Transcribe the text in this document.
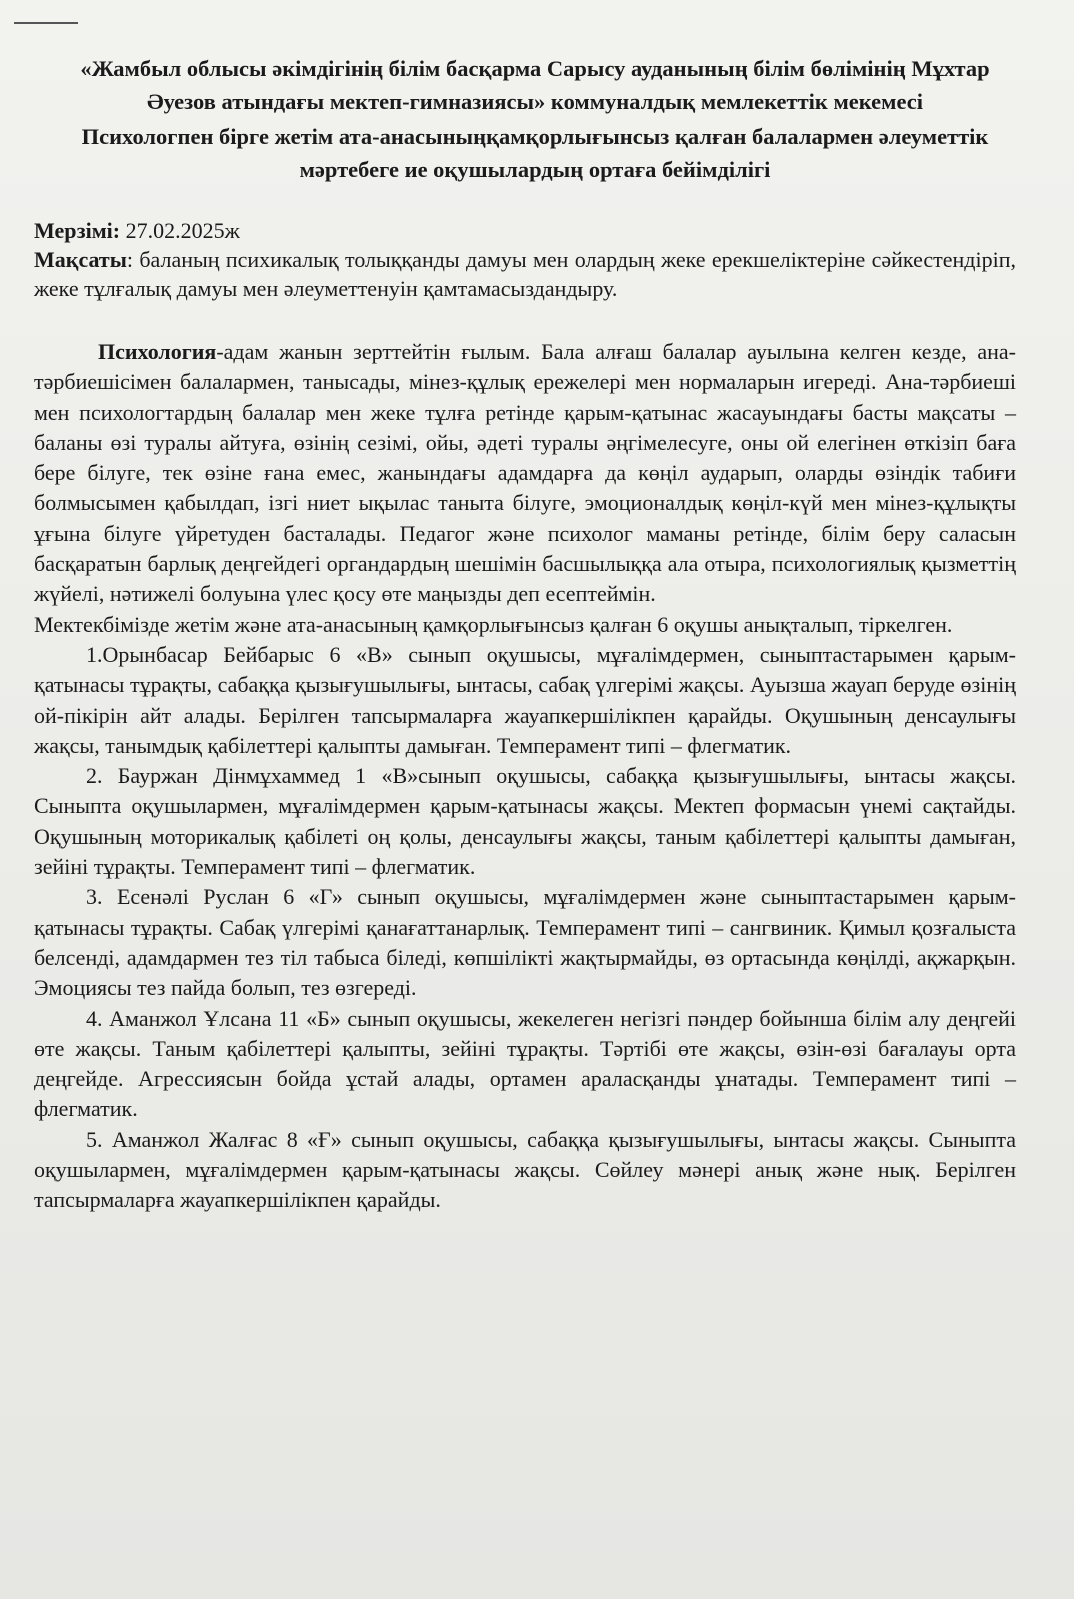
«Жамбыл облысы әкімдігінің білім басқарма Сарысу ауданының білім бөлімінің Мұхтар Әуезов атындағы мектеп-гимназиясы» коммуналдық мемлекеттік мекемесі
Психологпен бірге жетім ата-анасыныңқамқорлығынсыз қалған балалармен әлеуметтік мәртебеге ие оқушылардың ортаға бейімділігі

Мерзімі: 27.02.2025ж

Мақсаты: баланың психикалық толыққанды дамуы мен олардың жеке ерекшеліктеріне сәйкестендіріп, жеке тұлғалық дамуы мен әлеуметтенуін қамтамасыздандыру.

Психология-адам жанын зерттейтін ғылым. Бала алғаш балалар ауылына келген кезде, ана-тәрбиешісімен балалармен, танысады, мінез-құлық ережелері мен нормаларын игереді. Ана-тәрбиеші мен психологтардың балалар мен жеке тұлға ретінде қарым-қатынас жасауындағы басты мақсаты – баланы өзі туралы айтуға, өзінің сезімі, ойы, әдеті туралы әңгімелесуге, оны ой елегінен өткізіп баға бере білуге, тек өзіне ғана емес, жанындағы адамдарға да көңіл аударып, оларды өзіндік табиғи болмысымен қабылдап, ізгі ниет ықылас таныта білуге, эмоционалдық көңіл-күй мен мінез-құлықты ұғына білуге үйретуден басталады. Педагог және психолог маманы ретінде, білім беру саласын басқаратын барлық деңгейдегі органдардың шешімін басшылыққа ала отыра, психологиялық қызметтің жүйелі, нәтижелі болуына үлес қосу өте маңызды деп есептеймін.

Мектекбімізде жетім және ата-анасының қамқорлығынсыз қалған 6 оқушы анықталып, тіркелген.

1.Орынбасар Бейбарыс 6 «В» сынып оқушысы, мұғалімдермен, сыныптастарымен қарым-қатынасы тұрақты, сабаққа қызығушылығы, ынтасы, сабақ үлгерімі жақсы. Ауызша жауап беруде өзінің ой-пікірін айт алады. Берілген тапсырмаларға жауапкершілікпен қарайды. Оқушының денсаулығы жақсы, танымдық қабілеттері қалыпты дамыған. Темперамент типі – флегматик.

2. Бауржан Дінмұхаммед 1 «В»сынып оқушысы, сабаққа қызығушылығы, ынтасы жақсы. Сыныпта оқушылармен, мұғалімдермен қарым-қатынасы жақсы. Мектеп формасын үнемі сақтайды. Оқушының моторикалық қабілеті оң қолы, денсаулығы жақсы, таным қабілеттері қалыпты дамыған, зейіні тұрақты. Темперамент типі – флегматик.

3. Есенәлі Руслан 6 «Г» сынып оқушысы, мұғалімдермен және сыныптастарымен қарым-қатынасы тұрақты. Сабақ үлгерімі қанағаттанарлық. Темперамент типі – сангвиник. Қимыл қозғалыста белсенді, адамдармен тез тіл табыса біледі, көпшілікті жақтырмайды, өз ортасында көңілді, ақжарқын. Эмоциясы тез пайда болып, тез өзгереді.

4. Аманжол Ұлсана 11 «Б» сынып оқушысы, жекелеген негізгі пәндер бойынша білім алу деңгейі өте жақсы. Таным қабілеттері қалыпты, зейіні тұрақты. Тәртібі өте жақсы, өзін-өзі бағалауы орта деңгейде. Агрессиясын бойда ұстай алады, ортамен араласқанды ұнатады. Темперамент типі – флегматик.

5. Аманжол Жалғас 8 «Ғ» сынып оқушысы, сабаққа қызығушылығы, ынтасы жақсы. Сыныпта оқушылармен, мұғалімдермен қарым-қатынасы жақсы. Сөйлеу мәнері анық және нық. Берілген тапсырмаларға жауапкершілікпен қарайды.
